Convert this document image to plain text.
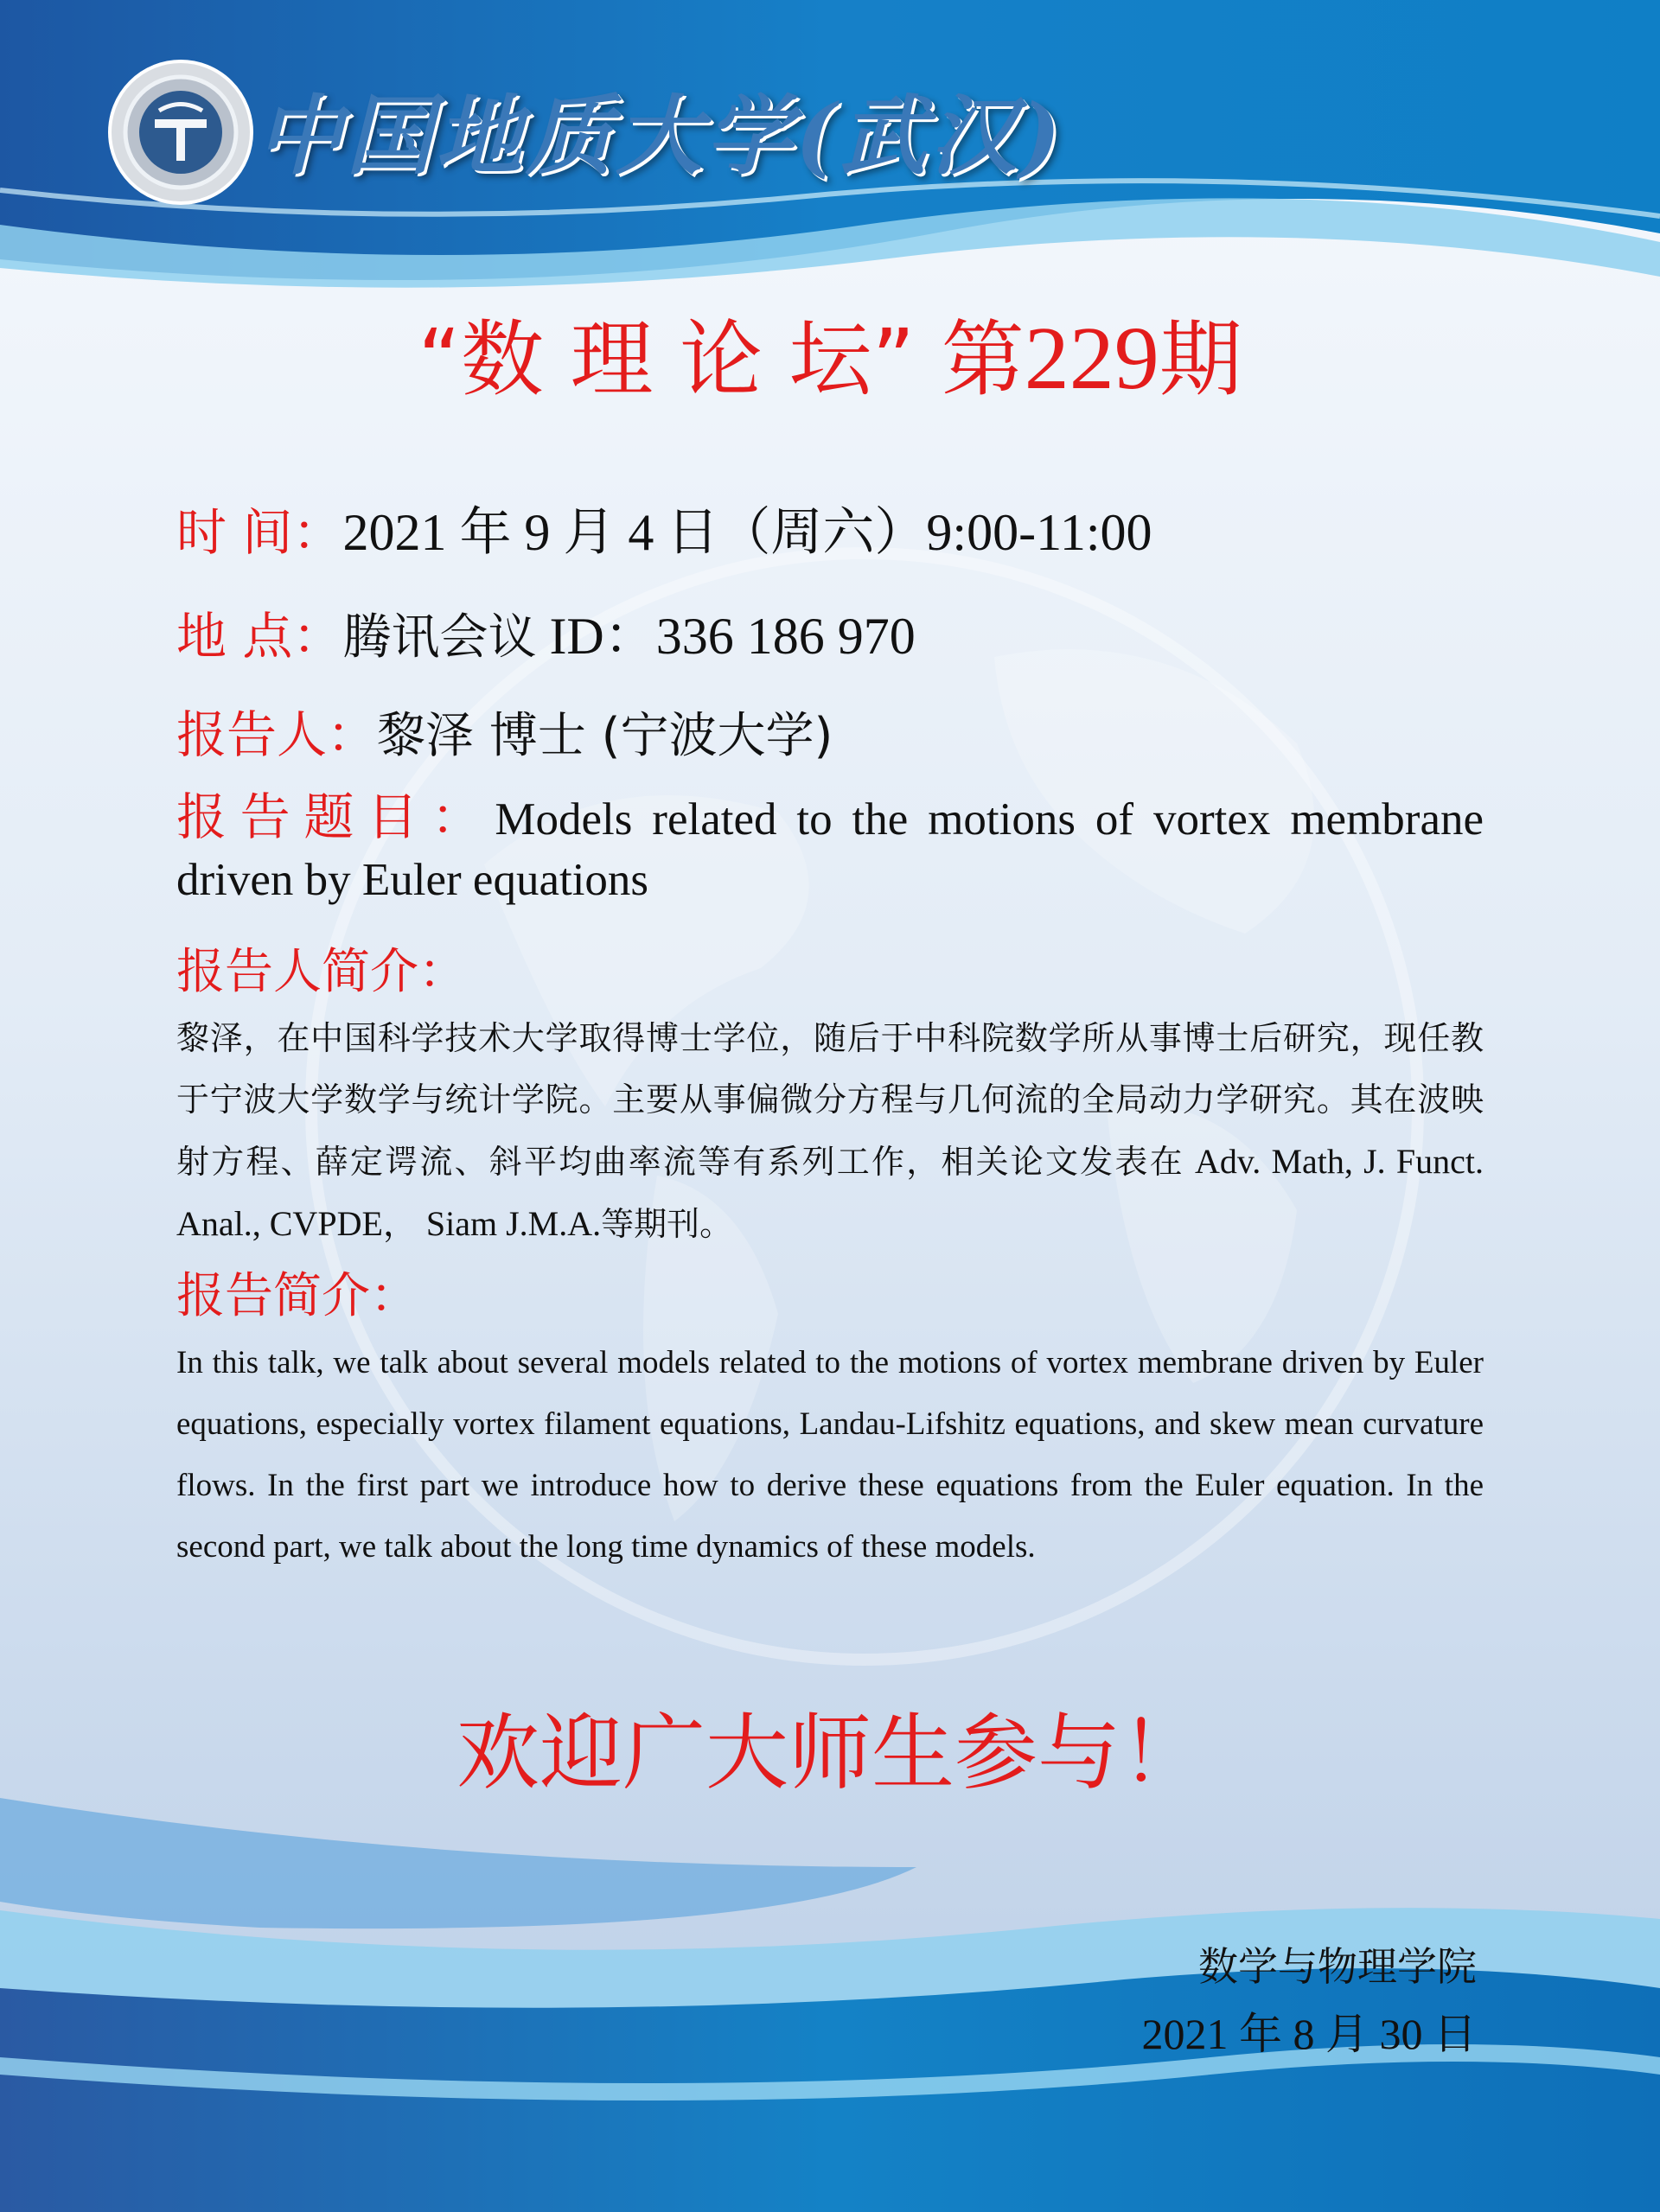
中国地质大学(武汉)
“数 理 论 坛” 第229期
时 间：2021 年 9 月 4 日（周六）9:00-11:00
地 点：腾讯会议 ID：336 186 970
报告人：黎泽 博士 (宁波大学)
报告题目：Models related to the motions of vortex membrane driven by Euler equations
报告人简介：
黎泽，在中国科学技术大学取得博士学位，随后于中科院数学所从事博士后研究，现任教于宁波大学数学与统计学院。主要从事偏微分方程与几何流的全局动力学研究。其在波映射方程、薛定谔流、斜平均曲率流等有系列工作，相关论文发表在 Adv. Math, J. Funct. Anal., CVPDE， Siam J.M.A.等期刊。
报告简介：
In this talk, we talk about several models related to the motions of vortex membrane driven by Euler equations, especially vortex filament equations, Landau-Lifshitz equations, and skew mean curvature flows. In the first part we introduce how to derive these equations from the Euler equation. In the second part, we talk about the long time dynamics of these models.
欢迎广大师生参与！
数学与物理学院
2021 年 8 月 30 日
